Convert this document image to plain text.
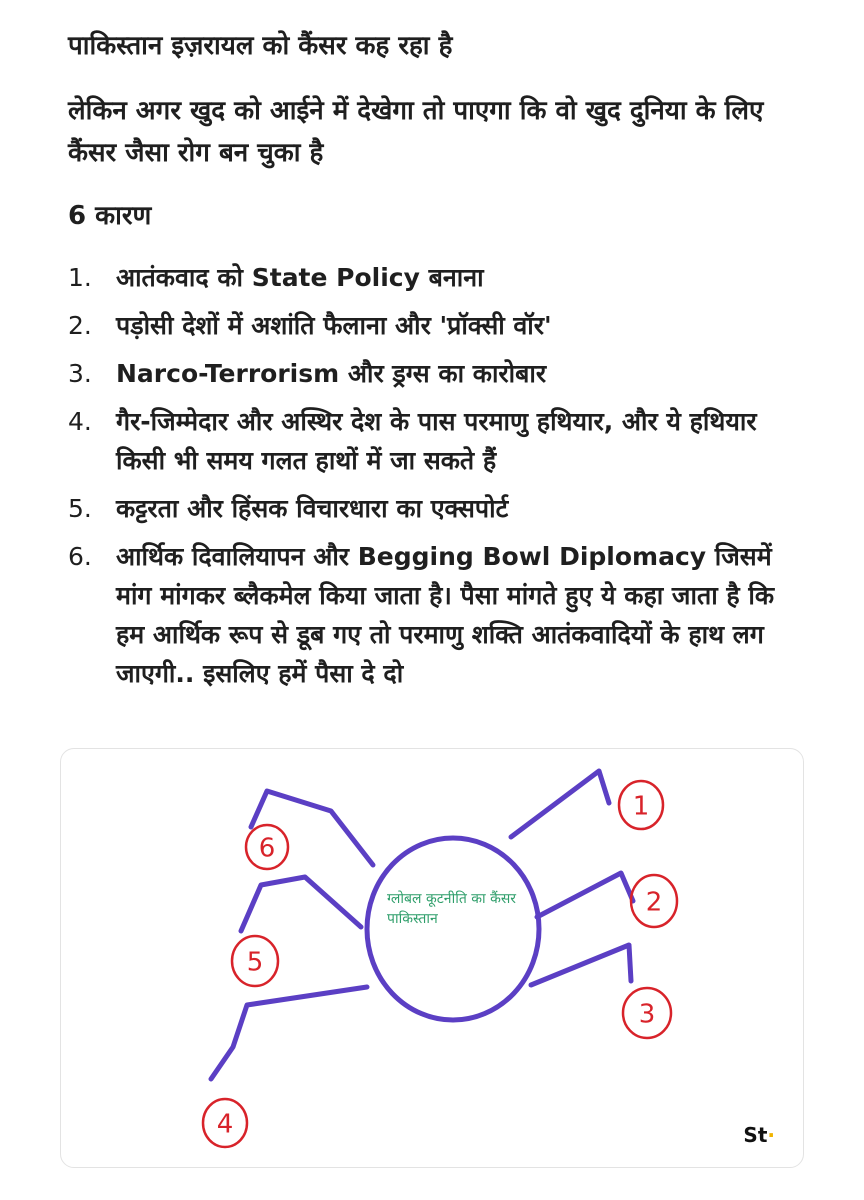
पाकिस्तान इज़रायल को कैंसर कह रहा है

लेकिन अगर खुद को आईने में देखेगा तो पाएगा कि वो खुद दुनिया के लिए कैंसर जैसा रोग बन चुका है

6 कारण
1. आतंकवाद को State Policy बनाना
2. पड़ोसी देशों में अशांति फैलाना और 'प्रॉक्सी वॉर'
3. Narco-Terrorism और ड्रग्स का कारोबार
4. गैर-जिम्मेदार और अस्थिर देश के पास परमाणु हथियार, और ये हथियार किसी भी समय गलत हाथों में जा सकते हैं
5. कट्टरता और हिंसक विचारधारा का एक्सपोर्ट
6. आर्थिक दिवालियापन और Begging Bowl Diplomacy जिसमें मांग मांगकर ब्लैकमेल किया जाता है। पैसा मांगते हुए ये कहा जाता है कि हम आर्थिक रूप से डूब गए तो परमाणु शक्ति आतंकवादियों के हाथ लग जाएगी.. इसलिए हमें पैसा दे दो
1
2
3
4
5
6
ग्लोबल कूटनीति का कैंसर पाकिस्तान
St·
